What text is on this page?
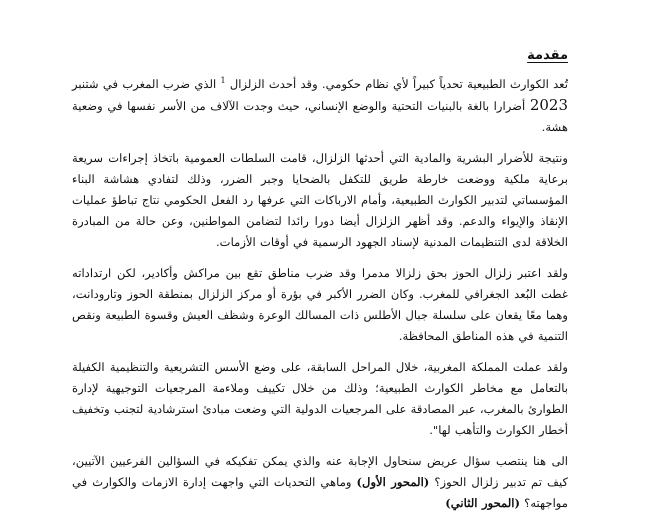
مقدمة

تُعد الكوارث الطبيعية تحدياً كبيراً لأي نظام حكومي. وقد أحدث الزلزال $^1$ الذي ضرب المغرب في شتنبر 2023 أضرارا بالغة بالبنيات التحتية والوضع الإنساني، حيث وجدت الآلاف من الأسر نفسها في وضعية هشة.

ونتيجة للأضرار البشرية والمادية التي أحدثها الزلزال، قامت السلطات العمومية باتخاذ إجراءات سريعة برعاية ملكية ووضعت خارطة طريق للتكفل بالضحايا وجبر الضرر، وذلك لتفادي هشاشة البناء المؤسساتي لتدبير الكوارث الطبيعية، وأمام الارباكات التي عرفها رد الفعل الحكومي نتاج تباطؤ عمليات الإنقاذ والإيواء والدعم. وقد أظهر الزلزال أيضا دورا رائدا لتضامن المواطنين، وعن حالة من المبادرة الخلاقة لدى التنظيمات المدنية لإسناد الجهود الرسمية في أوقات الأزمات.

ولقد اعتبر زلزال الحوز بحق زلزالا مدمرا وقد ضرب مناطق تقع بين مراكش وأكادير، لكن ارتداداته غطت البُعد الجغرافي للمغرب. وكان الضرر الأكبر في بؤرة أو مركز الزلزال بمنطقة الحوز وتارودانت، وهما معًا يقعان على سلسلة جبال الأطلس ذات المسالك الوعرة وشظف العيش وقسوة الطبيعة ونقص التنمية في هذه المناطق المحافظة.

ولقد عملت المملكة المغربية، خلال المراحل السابقة، على وضع الأسس التشريعية والتنظيمية الكفيلة بالتعامل مع مخاطر الكوارث الطبيعية؛ وذلك من خلال تكييف وملاءمة المرجعيات التوجيهية لإدارة الطوارئ بالمغرب، عبر المصادقة على المرجعيات الدولية التي وضعت مبادئ استرشادية لتجنب وتخفيف أخطار الكوارث والتأهب لها".

الى هنا ينتصب سؤال عريض سنحاول الإجابة عنه والذي يمكن تفكيكه في السؤالين الفرعيين الآتيين، كيف تم تدبير زلزال الحوز؟ (المحور الأول) وماهي التحديات التي واجهت إدارة الازمات والكوارث في مواجهته؟ (المحور الثاني)
